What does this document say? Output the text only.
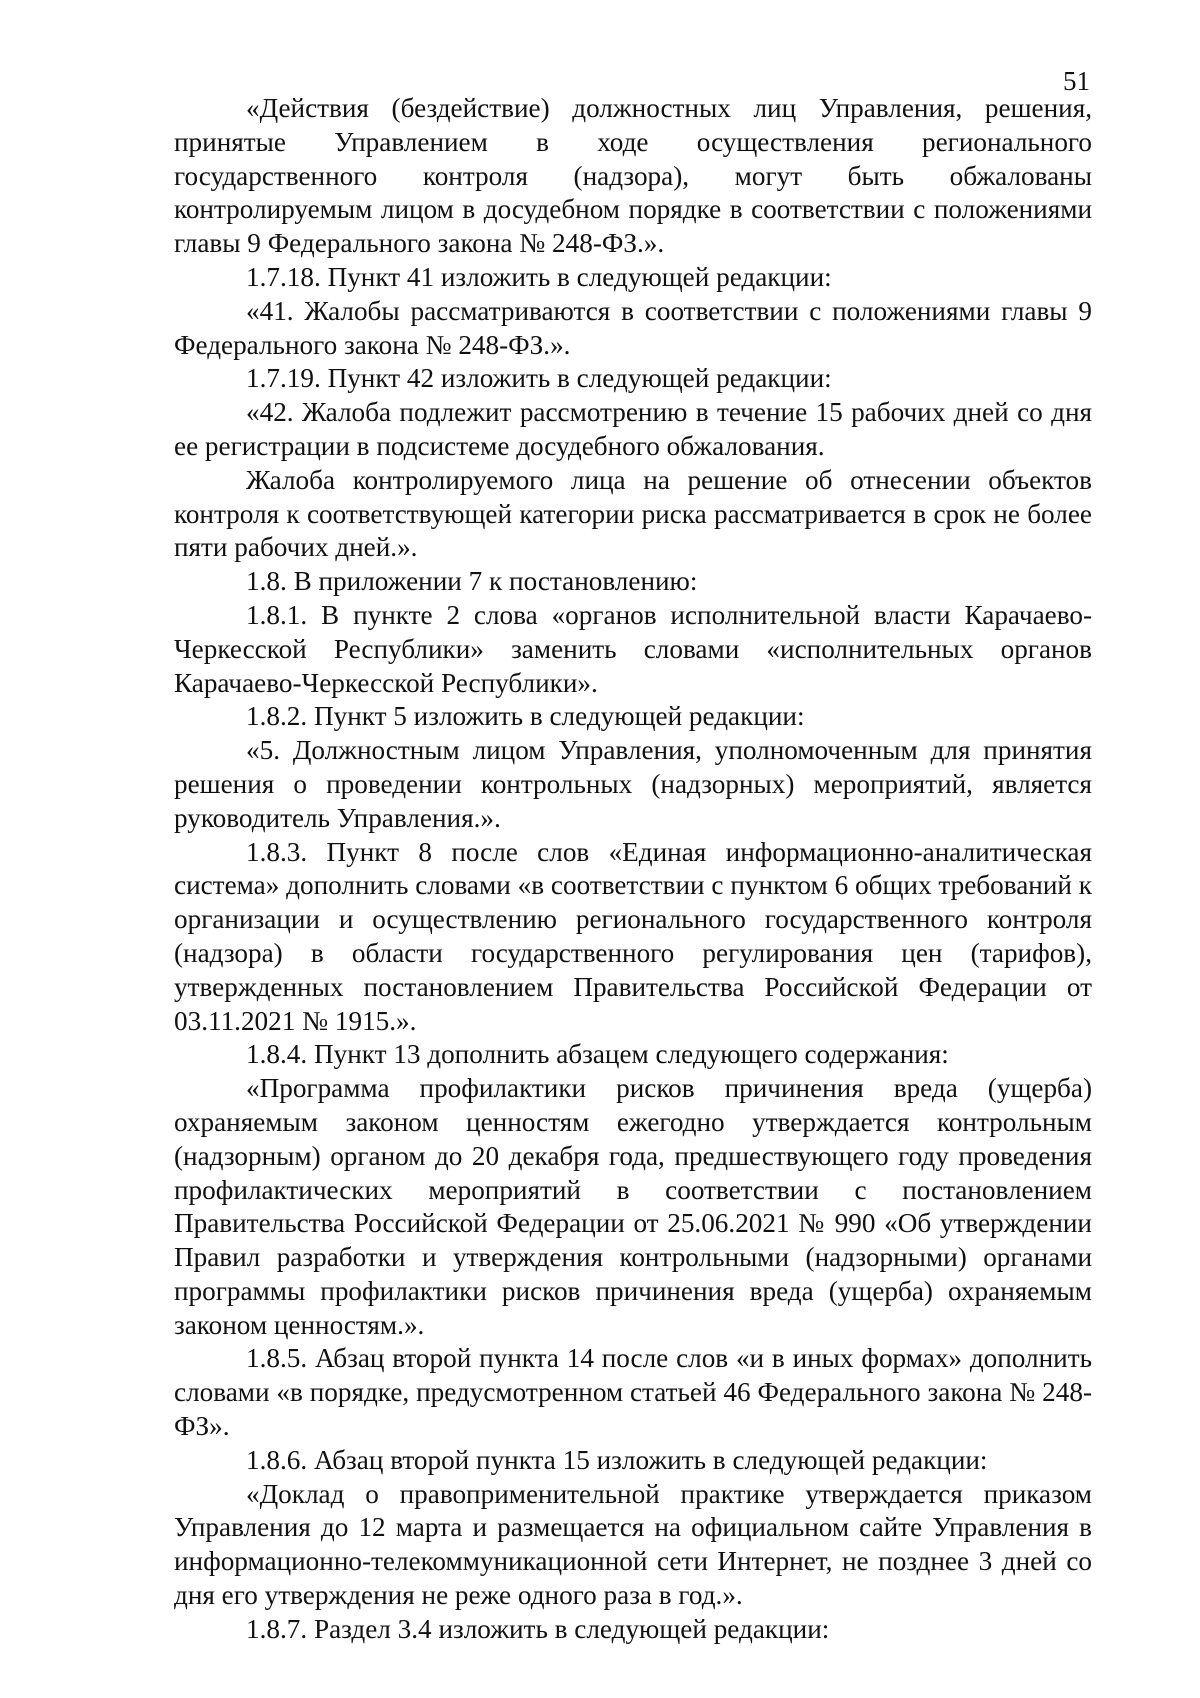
51

«Действия (бездействие) должностных лиц Управления, решения, принятые Управлением в ходе осуществления регионального государственного контроля (надзора), могут быть обжалованы контролируемым лицом в досудебном порядке в соответствии с положениями главы 9 Федерального закона № 248-ФЗ.».

1.7.18. Пункт 41 изложить в следующей редакции:

«41. Жалобы рассматриваются в соответствии с положениями главы 9 Федерального закона № 248-ФЗ.».

1.7.19. Пункт 42 изложить в следующей редакции:

«42. Жалоба подлежит рассмотрению в течение 15 рабочих дней со дня ее регистрации в подсистеме досудебного обжалования.

Жалоба контролируемого лица на решение об отнесении объектов контроля к соответствующей категории риска рассматривается в срок не более пяти рабочих дней.».

1.8. В приложении 7 к постановлению:

1.8.1. В пункте 2 слова «органов исполнительной власти Карачаево-Черкесской Республики» заменить словами «исполнительных органов Карачаево-Черкесской Республики».

1.8.2. Пункт 5 изложить в следующей редакции:

«5. Должностным лицом Управления, уполномоченным для принятия решения о проведении контрольных (надзорных) мероприятий, является руководитель Управления.».

1.8.3. Пункт 8 после слов «Единая информационно-аналитическая система» дополнить словами «в соответствии с пунктом 6 общих требований к организации и осуществлению регионального государственного контроля (надзора) в области государственного регулирования цен (тарифов), утвержденных постановлением Правительства Российской Федерации от 03.11.2021 № 1915.».

1.8.4. Пункт 13 дополнить абзацем следующего содержания:

«Программа профилактики рисков причинения вреда (ущерба) охраняемым законом ценностям ежегодно утверждается контрольным (надзорным) органом до 20 декабря года, предшествующего году проведения профилактических мероприятий в соответствии с постановлением Правительства Российской Федерации от 25.06.2021 № 990 «Об утверждении Правил разработки и утверждения контрольными (надзорными) органами программы профилактики рисков причинения вреда (ущерба) охраняемым законом ценностям.».

1.8.5. Абзац второй пункта 14 после слов «и в иных формах» дополнить словами «в порядке, предусмотренном статьей 46 Федерального закона № 248-ФЗ».

1.8.6. Абзац второй пункта 15 изложить в следующей редакции:

«Доклад о правоприменительной практике утверждается приказом Управления до 12 марта и размещается на официальном сайте Управления в информационно-телекоммуникационной сети Интернет, не позднее 3 дней со дня его утверждения не реже одного раза в год.».

1.8.7. Раздел 3.4 изложить в следующей редакции:
